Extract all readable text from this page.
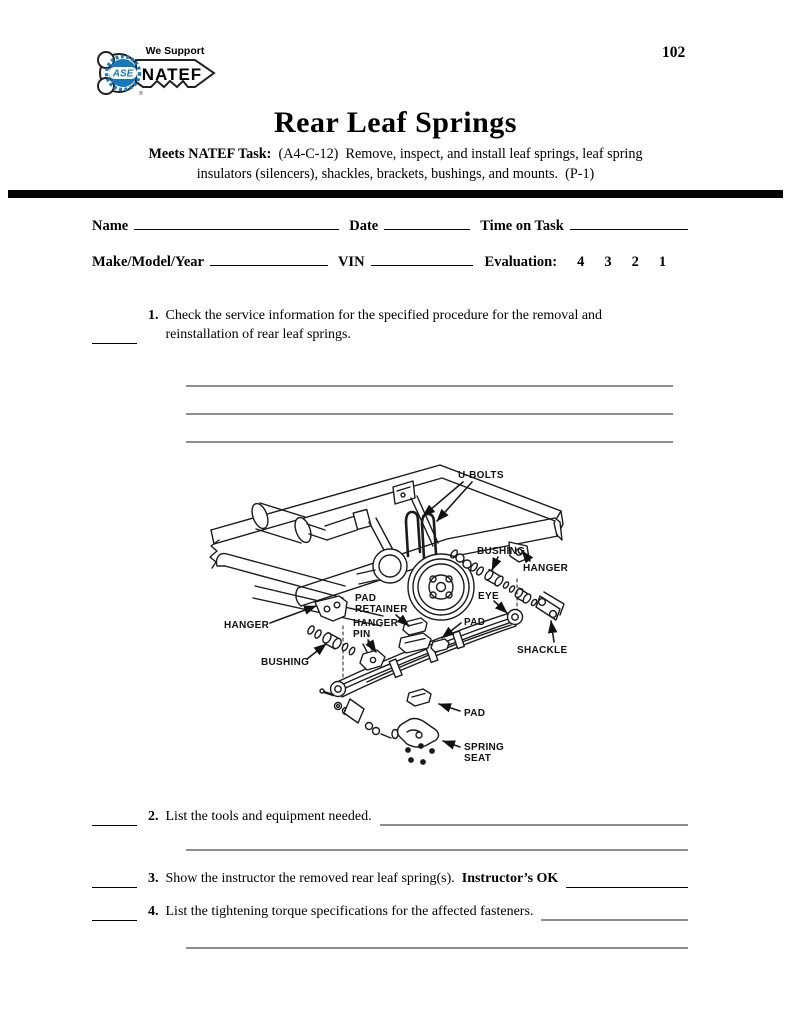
ASE
®
We Support
NATEF
102
Rear Leaf Springs
Meets NATEF Task: (A4-C-12)  Remove, inspect, and install leaf springs, leaf spring
insulators (silencers), shackles, brackets, bushings, and mounts.  (P-1)
Name	Date	Time on Task
Make/Model/Year	VIN	Evaluation: 4 3 2 1
1. Check the service information for the specified procedure for the removal and
reinstallation of rear leaf springs.
U-BOLTS
BUSHING
HANGER
EYE
PAD
RETAINER
PAD
HANGER	HANGER
PIN
BUSHING
SHACKLE
PAD
SPRING
SEAT
2. List the tools and equipment needed.
3. Show the instructor the removed rear leaf spring(s). Instructor’s OK
4. List the tightening torque specifications for the affected fasteners.
